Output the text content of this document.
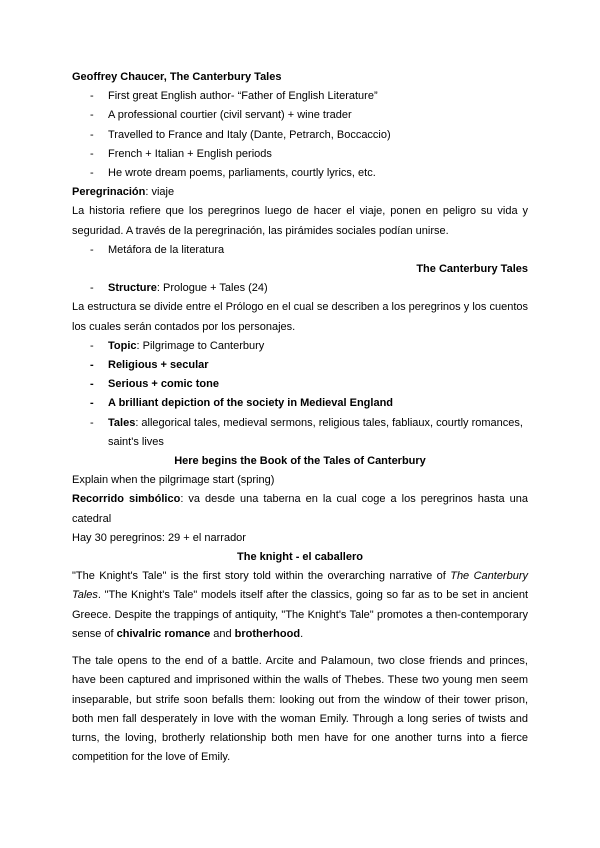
Geoffrey Chaucer, The Canterbury Tales

- First great English author- “Father of English Literature”
- A professional courtier (civil servant) + wine trader
- Travelled to France and Italy (Dante, Petrarch, Boccaccio)
- French + Italian + English periods
- He wrote dream poems, parliaments, courtly lyrics, etc.

Peregrinación: viaje

La historia refiere que los peregrinos luego de hacer el viaje, ponen en peligro su vida y seguridad. A través de la peregrinación, las pirámides sociales podían unirse.

- Metáfora de la literatura

The Canterbury Tales

- Structure: Prologue + Tales (24)

La estructura se divide entre el Prólogo en el cual se describen a los peregrinos y los cuentos los cuales serán contados por los personajes.

- Topic: Pilgrimage to Canterbury
- Religious + secular
- Serious + comic tone
- A brilliant depiction of the society in Medieval England
- Tales: allegorical tales, medieval sermons, religious tales, fabliaux, courtly romances, saint's lives

Here begins the Book of the Tales of Canterbury

Explain when the pilgrimage start (spring)

Recorrido simbólico: va desde una taberna en la cual coge a los peregrinos hasta una catedral

Hay 30 peregrinos: 29 + el narrador

The knight - el caballero

"The Knight's Tale" is the first story told within the overarching narrative of The Canterbury Tales. "The Knight's Tale" models itself after the classics, going so far as to be set in ancient Greece. Despite the trappings of antiquity, "The Knight's Tale" promotes a then-contemporary sense of chivalric romance and brotherhood.

The tale opens to the end of a battle. Arcite and Palamoun, two close friends and princes, have been captured and imprisoned within the walls of Thebes. These two young men seem inseparable, but strife soon befalls them: looking out from the window of their tower prison, both men fall desperately in love with the woman Emily. Through a long series of twists and turns, the loving, brotherly relationship both men have for one another turns into a fierce competition for the love of Emily.
